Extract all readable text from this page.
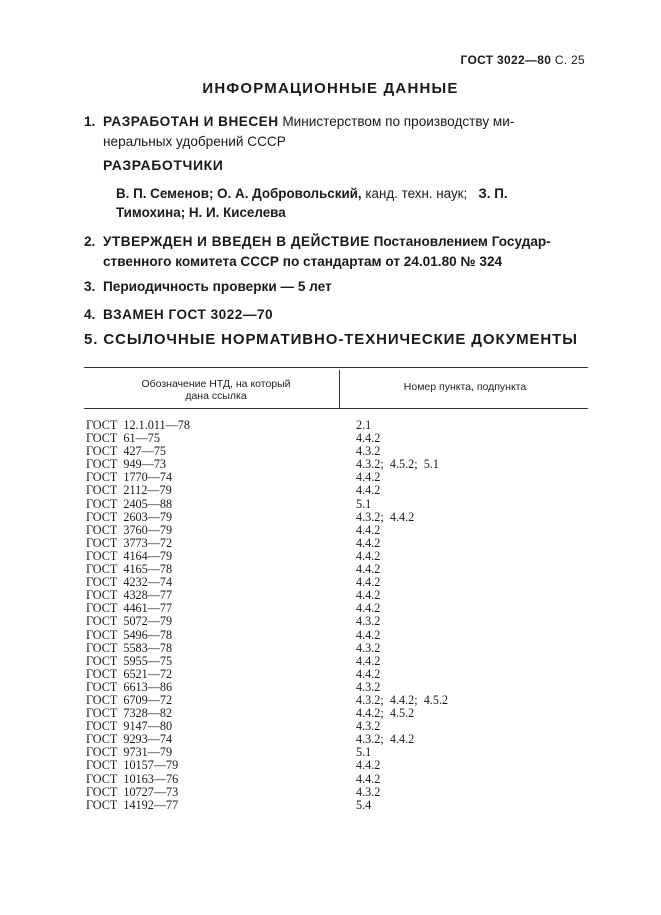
ГОСТ 3022—80 С. 25
ИНФОРМАЦИОННЫЕ ДАННЫЕ
1. РАЗРАБОТАН И ВНЕСЕН Министерством по производству ми-
неральных удобрений СССР
РАЗРАБОТЧИКИ
В. П. Семенов; О. А. Добровольский, канд. техн. наук; З. П.
Тимохина; Н. И. Киселева
2. УТВЕРЖДЕН И ВВЕДЕН В ДЕЙСТВИЕ Постановлением Государ-
ственного комитета СССР по стандартам от 24.01.80 № 324
3. Периодичность проверки — 5 лет
4. ВЗАМЕН ГОСТ 3022—70
5. ССЫЛОЧНЫЕ НОРМАТИВНО-ТЕХНИЧЕСКИЕ ДОКУМЕНТЫ
Обозначение НТД, на который
дана ссылка
Номер пункта, подпункта
ГОСТ  12.1.011—78
ГОСТ  61—75
ГОСТ  427—75
ГОСТ  949—73
ГОСТ  1770—74
ГОСТ  2112—79
ГОСТ  2405—88
ГОСТ  2603—79
ГОСТ  3760—79
ГОСТ  3773—72
ГОСТ  4164—79
ГОСТ  4165—78
ГОСТ  4232—74
ГОСТ  4328—77
ГОСТ  4461—77
ГОСТ  5072—79
ГОСТ  5496—78
ГОСТ  5583—78
ГОСТ  5955—75
ГОСТ  6521—72
ГОСТ  6613—86
ГОСТ  6709—72
ГОСТ  7328—82
ГОСТ  9147—80
ГОСТ  9293—74
ГОСТ  9731—79
ГОСТ  10157—79
ГОСТ  10163—76
ГОСТ  10727—73
ГОСТ  14192—77
2.1
4.4.2
4.3.2
4.3.2;  4.5.2;  5.1
4.4.2
4.4.2
5.1
4.3.2;  4.4.2
4.4.2
4.4.2
4.4.2
4.4.2
4.4.2
4.4.2
4.4.2
4.3.2
4.4.2
4.3.2
4.4.2
4.4.2
4.3.2
4.3.2;  4.4.2;  4.5.2
4.4.2;  4.5.2
4.3.2
4.3.2;  4.4.2
5.1
4.4.2
4.4.2
4.3.2
5.4
